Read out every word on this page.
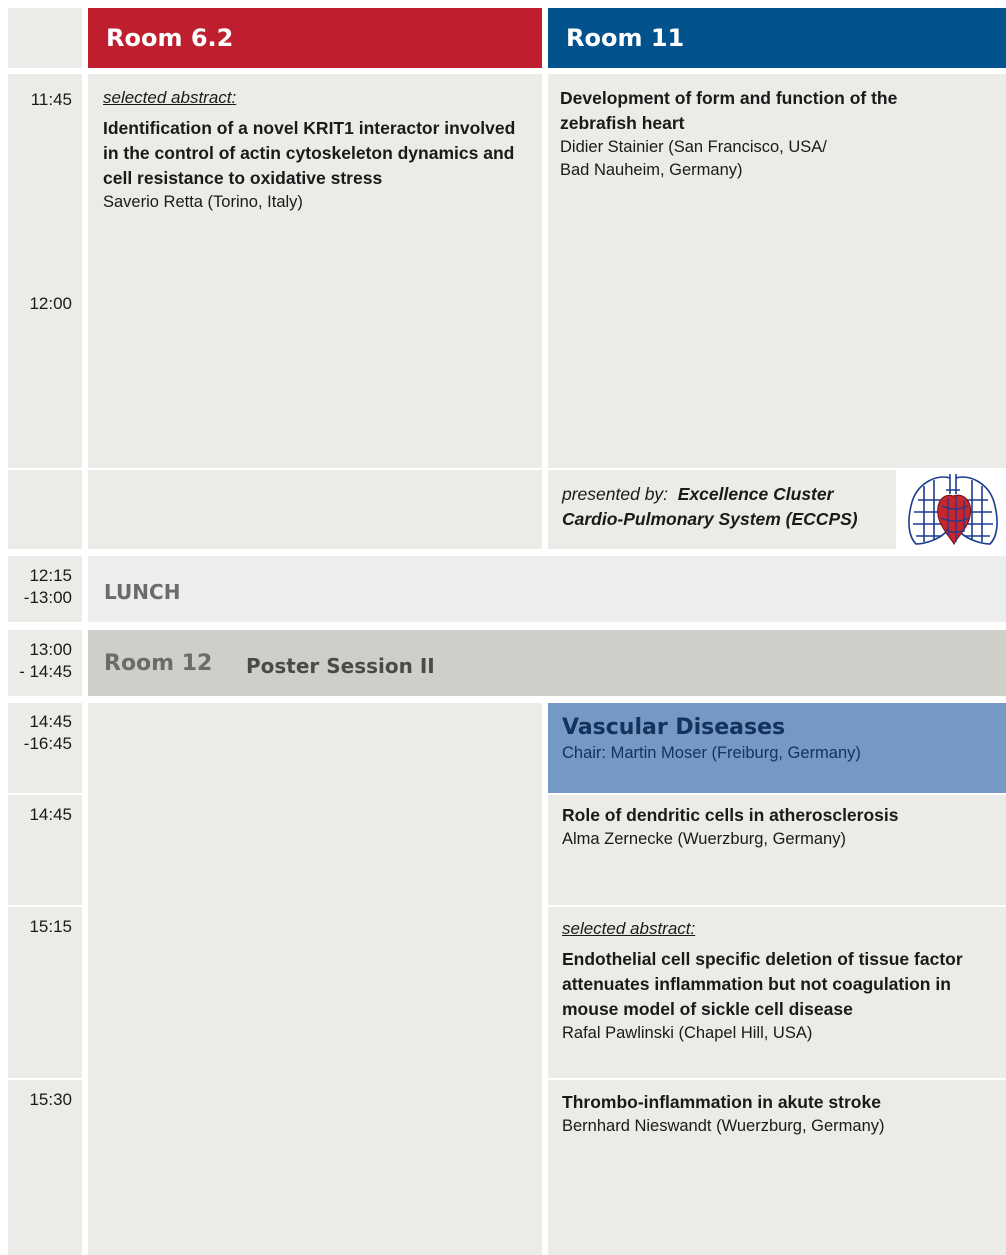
Room 6.2	Room 11
11:45
12:00
selected abstract:
Identification of a novel KRIT1 interactor involved in the control of actin cytoskeleton dynamics and cell resistance to oxidative stress
Saverio Retta (Torino, Italy)
Development of form and function of the zebrafish heart
Didier Stainier (San Francisco, USA/
Bad Nauheim, Germany)
presented by: Excellence Cluster
Cardio-Pulmonary System (ECCPS)
12:15
-13:00 LUNCH
13:00
- 14:45 Room 12 Poster Session II
14:45
-16:45
14:45
15:15
15:30
Vascular Diseases
Chair: Martin Moser (Freiburg, Germany)
Role of dendritic cells in atherosclerosis
Alma Zernecke (Wuerzburg, Germany)
selected abstract:
Endothelial cell specific deletion of tissue factor attenuates inflammation but not coagulation in mouse model of sickle cell disease
Rafal Pawlinski (Chapel Hill, USA)
Thrombo-inflammation in akute stroke
Bernhard Nieswandt (Wuerzburg, Germany)
